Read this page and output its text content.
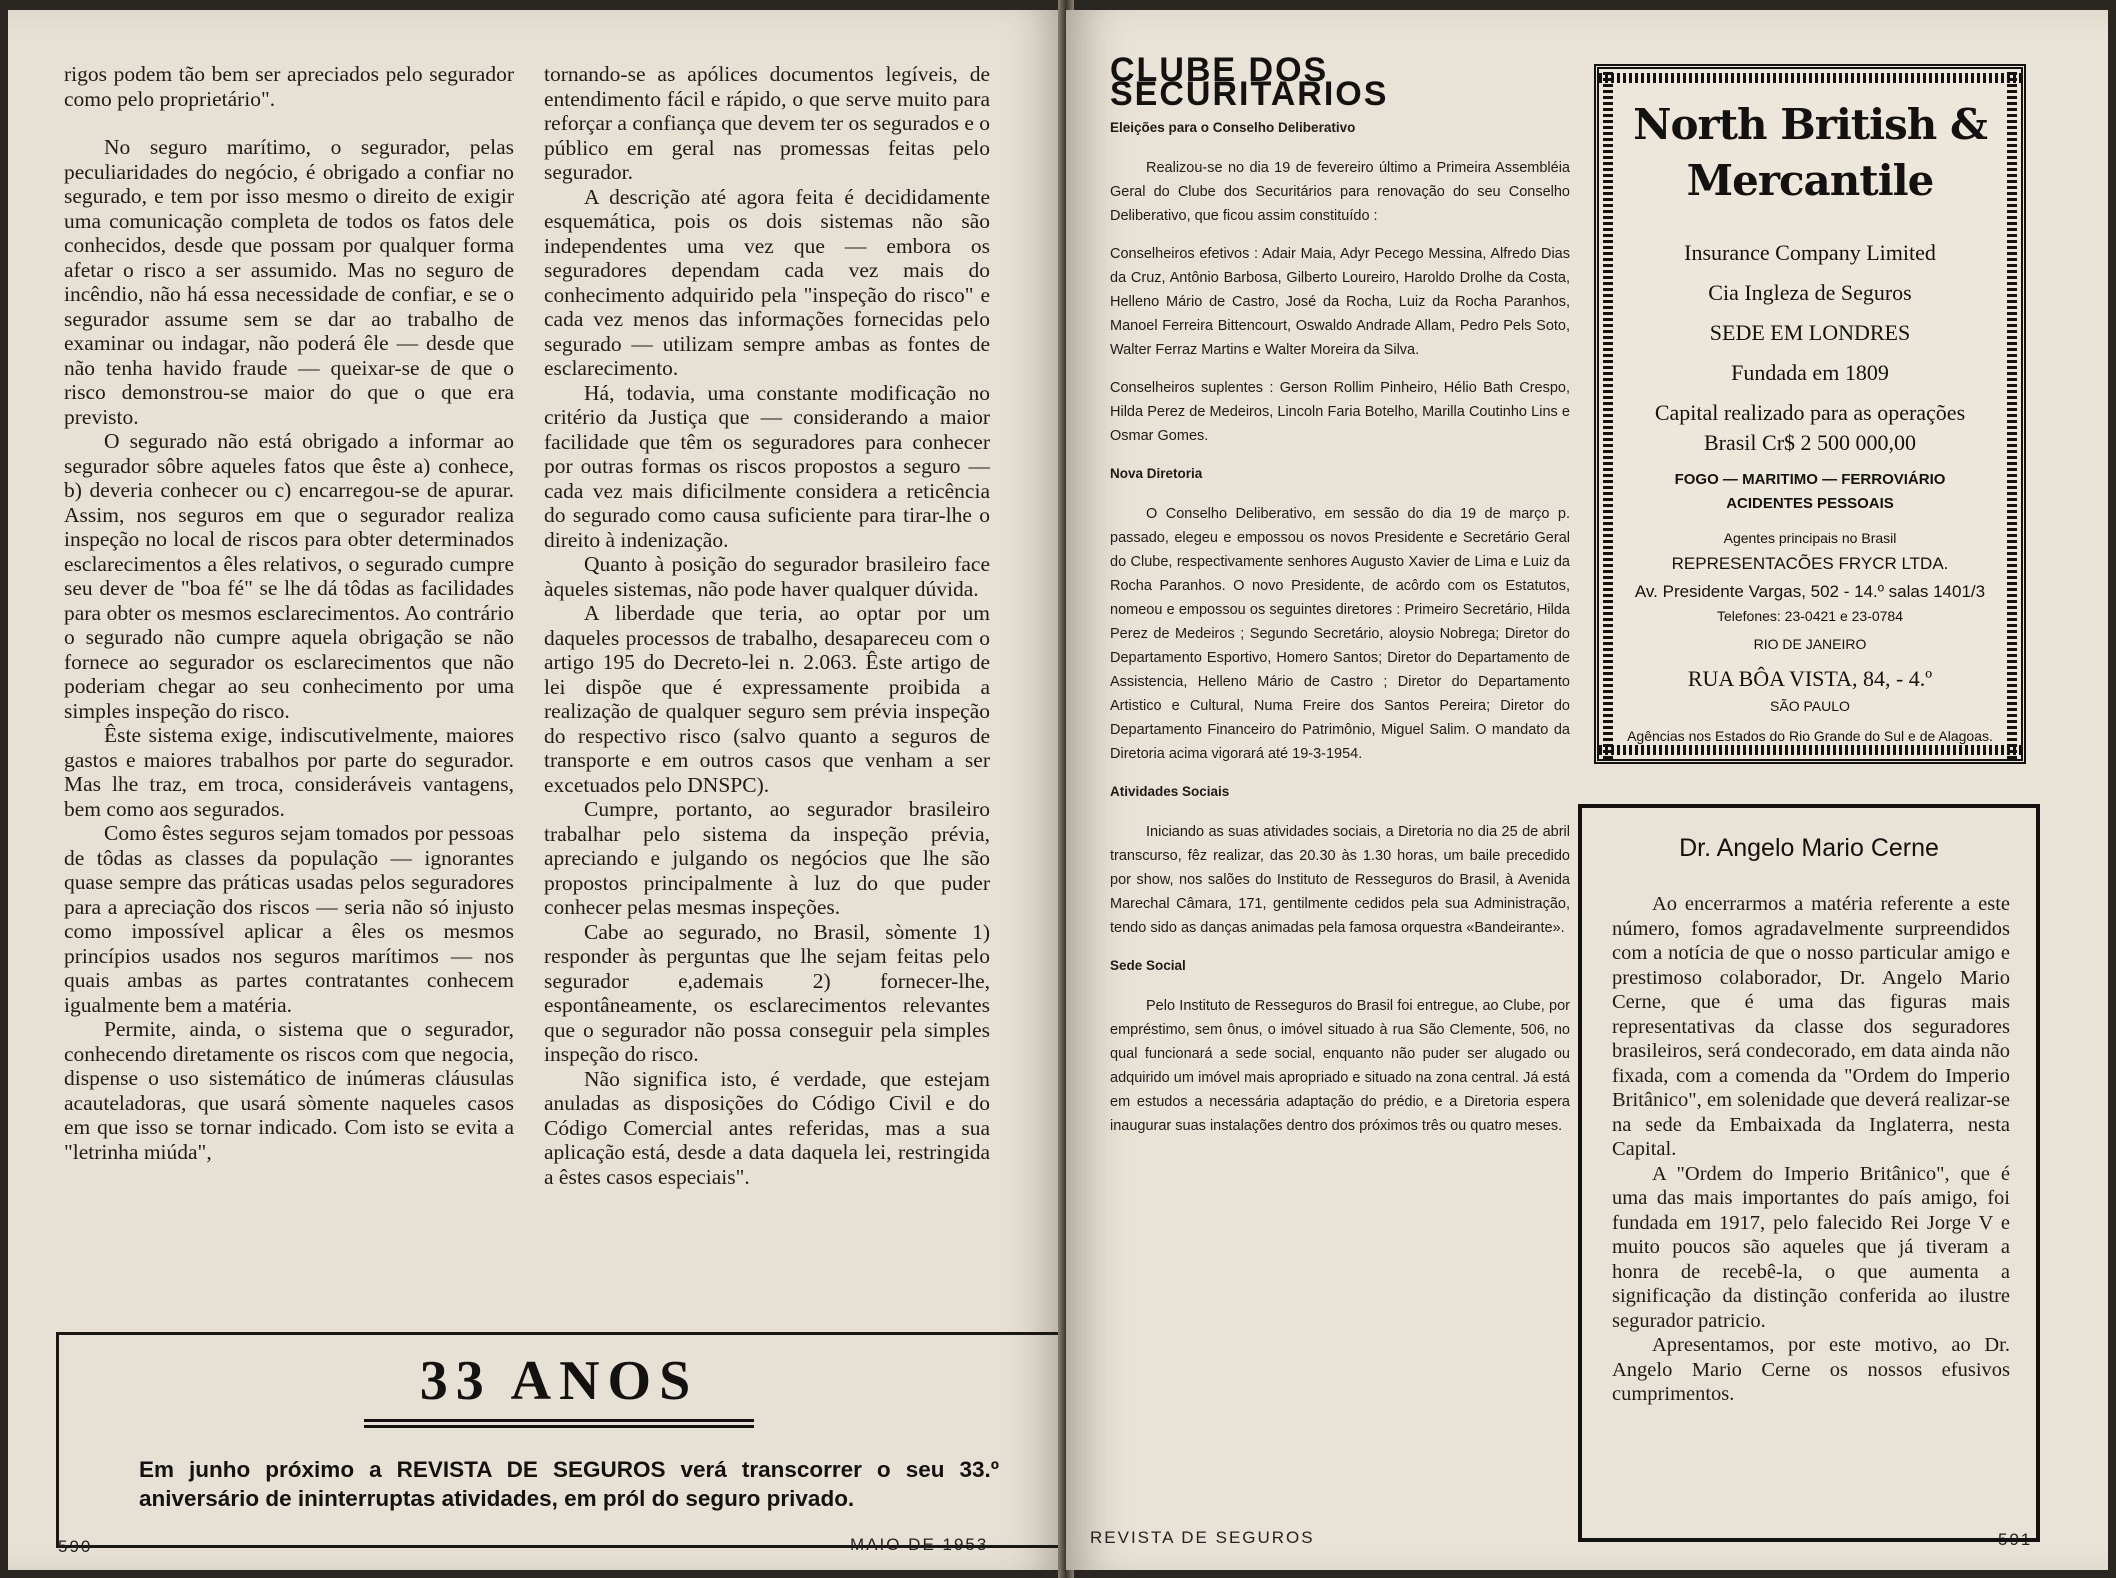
rigos podem tão bem ser apreciados pelo segurador como pelo proprietário".

No seguro marítimo, o segurador, pelas peculiaridades do negócio, é obrigado a confiar no segurado, e tem por isso mesmo o direito de exigir uma comunicação completa de todos os fatos dele conhecidos, desde que possam por qualquer forma afetar o risco a ser assumido. Mas no seguro de incêndio, não há essa necessidade de confiar, e se o segurador assume sem se dar ao trabalho de examinar ou indagar, não poderá êle — desde que não tenha havido fraude — queixar-se de que o risco demonstrou-se maior do que o que era previsto.

O segurado não está obrigado a informar ao segurador sôbre aqueles fatos que êste a) conhece, b) deveria conhecer ou c) encarregou-se de apurar. Assim, nos seguros em que o segurador realiza inspeção no local de riscos para obter determinados esclarecimentos a êles relativos, o segurado cumpre seu dever de "boa fé" se lhe dá tôdas as facilidades para obter os mesmos esclarecimentos. Ao contrário o segurado não cumpre aquela obrigação se não fornece ao segurador os esclarecimentos que não poderiam chegar ao seu conhecimento por uma simples inspeção do risco.

Êste sistema exige, indiscutivelmente, maiores gastos e maiores trabalhos por parte do segurador. Mas lhe traz, em troca, consideráveis vantagens, bem como aos segurados.

Como êstes seguros sejam tomados por pessoas de tôdas as classes da população — ignorantes quase sempre das práticas usadas pelos seguradores para a apreciação dos riscos — seria não só injusto como impossível aplicar a êles os mesmos princípios usados nos seguros marítimos — nos quais ambas as partes contratantes conhecem igualmente bem a matéria.

Permite, ainda, o sistema que o segurador, conhecendo diretamente os riscos com que negocia, dispense o uso sistemático de inúmeras cláusulas acauteladoras, que usará sòmente naqueles casos em que isso se tornar indicado. Com isto se evita a "letrinha miúda",

tornando-se as apólices documentos legíveis, de entendimento fácil e rápido, o que serve muito para reforçar a confiança que devem ter os segurados e o público em geral nas promessas feitas pelo segurador.

A descrição até agora feita é decididamente esquemática, pois os dois sistemas não são independentes uma vez que — embora os seguradores dependam cada vez mais do conhecimento adquirido pela "inspeção do risco" e cada vez menos das informações fornecidas pelo segurado — utilizam sempre ambas as fontes de esclarecimento.

Há, todavia, uma constante modificação no critério da Justiça que — considerando a maior facilidade que têm os seguradores para conhecer por outras formas os riscos propostos a seguro — cada vez mais dificilmente considera a reticência do segurado como causa suficiente para tirar-lhe o direito à indenização.

Quanto à posição do segurador brasileiro face àqueles sistemas, não pode haver qualquer dúvida.

A liberdade que teria, ao optar por um daqueles processos de trabalho, desapareceu com o artigo 195 do Decreto-lei n. 2.063. Êste artigo de lei dispõe que é expressamente proibida a realização de qualquer seguro sem prévia inspeção do respectivo risco (salvo quanto a seguros de transporte e em outros casos que venham a ser excetuados pelo DNSPC).

Cumpre, portanto, ao segurador brasileiro trabalhar pelo sistema da inspeção prévia, apreciando e julgando os negócios que lhe são propostos principalmente à luz do que puder conhecer pelas mesmas inspeções.

Cabe ao segurado, no Brasil, sòmente 1) responder às perguntas que lhe sejam feitas pelo segurador e,ademais 2) fornecer-lhe, espontâneamente, os esclarecimentos relevantes que o segurador não possa conseguir pela simples inspeção do risco.

Não significa isto, é verdade, que estejam anuladas as disposições do Código Civil e do Código Comercial antes referidas, mas a sua aplicação está, desde a data daquela lei, restringida a êstes casos especiais".

33 ANOS
Em junho próximo a REVISTA DE SEGUROS verá transcorrer o seu 33.º aniversário de ininterruptas atividades, em pról do seguro privado.
590	MAIO DE 1953
CLUBE DOS SECURITARIOS
Eleições para o Conselho Deliberativo

Realizou-se no dia 19 de fevereiro último a Primeira Assembléia Geral do Clube dos Securitários para renovação do seu Conselho Deliberativo, que ficou assim constituído :

Conselheiros efetivos : Adair Maia, Adyr Pecego Messina, Alfredo Dias da Cruz, Antônio Barbosa, Gilberto Loureiro, Haroldo Drolhe da Costa, Helleno Mário de Castro, José da Rocha, Luiz da Rocha Paranhos, Manoel Ferreira Bittencourt, Oswaldo Andrade Allam, Pedro Pels Soto, Walter Ferraz Martins e Walter Moreira da Silva.

Conselheiros suplentes : Gerson Rollim Pinheiro, Hélio Bath Crespo, Hilda Perez de Medeiros, Lincoln Faria Botelho, Marilla Coutinho Lins e Osmar Gomes.

Nova Diretoria

O Conselho Deliberativo, em sessão do dia 19 de março p. passado, elegeu e empossou os novos Presidente e Secretário Geral do Clube, respectivamente senhores Augusto Xavier de Lima e Luiz da Rocha Paranhos. O novo Presidente, de acôrdo com os Estatutos, nomeou e empossou os seguintes diretores : Primeiro Secretário, Hilda Perez de Medeiros ; Segundo Secretário, aloysio Nobrega; Diretor do Departamento Esportivo, Homero Santos; Diretor do Departamento de Assistencia, Helleno Mário de Castro ; Diretor do Departamento Artistico e Cultural, Numa Freire dos Santos Pereira; Diretor do Departamento Financeiro do Patrimônio, Miguel Salim. O mandato da Diretoria acima vigorará até 19-3-1954.

Atividades Sociais

Iniciando as suas atividades sociais, a Diretoria no dia 25 de abril transcurso, fêz realizar, das 20.30 às 1.30 horas, um baile precedido por show, nos salões do Instituto de Resseguros do Brasil, à Avenida Marechal Câmara, 171, gentilmente cedidos pela sua Administração, tendo sido as danças animadas pela famosa orquestra «Bandeirante».

Sede Social

Pelo Instituto de Resseguros do Brasil foi entregue, ao Clube, por empréstimo, sem ônus, o imóvel situado à rua São Clemente, 506, no qual funcionará a sede social, enquanto não puder ser alugado ou adquirido um imóvel mais apropriado e situado na zona central. Já está em estudos a necessária adaptação do prédio, e a Diretoria espera inaugurar suas instalações dentro dos próximos três ou quatro meses.

REVISTA DE SEGUROS	591
North British & Mercantile
Insurance Company Limited
Cia Ingleza de Seguros
SEDE EM LONDRES
Fundada em 1809
Capital realizado para as operações
Brasil Cr$ 2 500 000,00
FOGO — MARITIMO — FERROVIÁRIO
ACIDENTES PESSOAIS
Agentes principais no Brasil
REPRESENTACÕES FRYCR LTDA.
Av. Presidente Vargas, 502 - 14.º salas 1401/3
Telefones: 23-0421 e 23-0784
RIO DE JANEIRO
RUA BÔA VISTA, 84, - 4.º
SÃO PAULO
Agências nos Estados do Rio Grande do Sul e de Alagoas.
Dr. Angelo Mario Cerne

Ao encerrarmos a matéria referente a este número, fomos agradavelmente surpreendidos com a notícia de que o nosso particular amigo e prestimoso colaborador, Dr. Angelo Mario Cerne, que é uma das figuras mais representativas da classe dos seguradores brasileiros, será condecorado, em data ainda não fixada, com a comenda da "Ordem do Imperio Britânico", em solenidade que deverá realizar-se na sede da Embaixada da Inglaterra, nesta Capital.

A "Ordem do Imperio Britânico", que é uma das mais importantes do país amigo, foi fundada em 1917, pelo falecido Rei Jorge V e muito poucos são aqueles que já tiveram a honra de recebê-la, o que aumenta a significação da distinção conferida ao ilustre segurador patricio.

Apresentamos, por este motivo, ao Dr. Angelo Mario Cerne os nossos efusivos cumprimentos.
